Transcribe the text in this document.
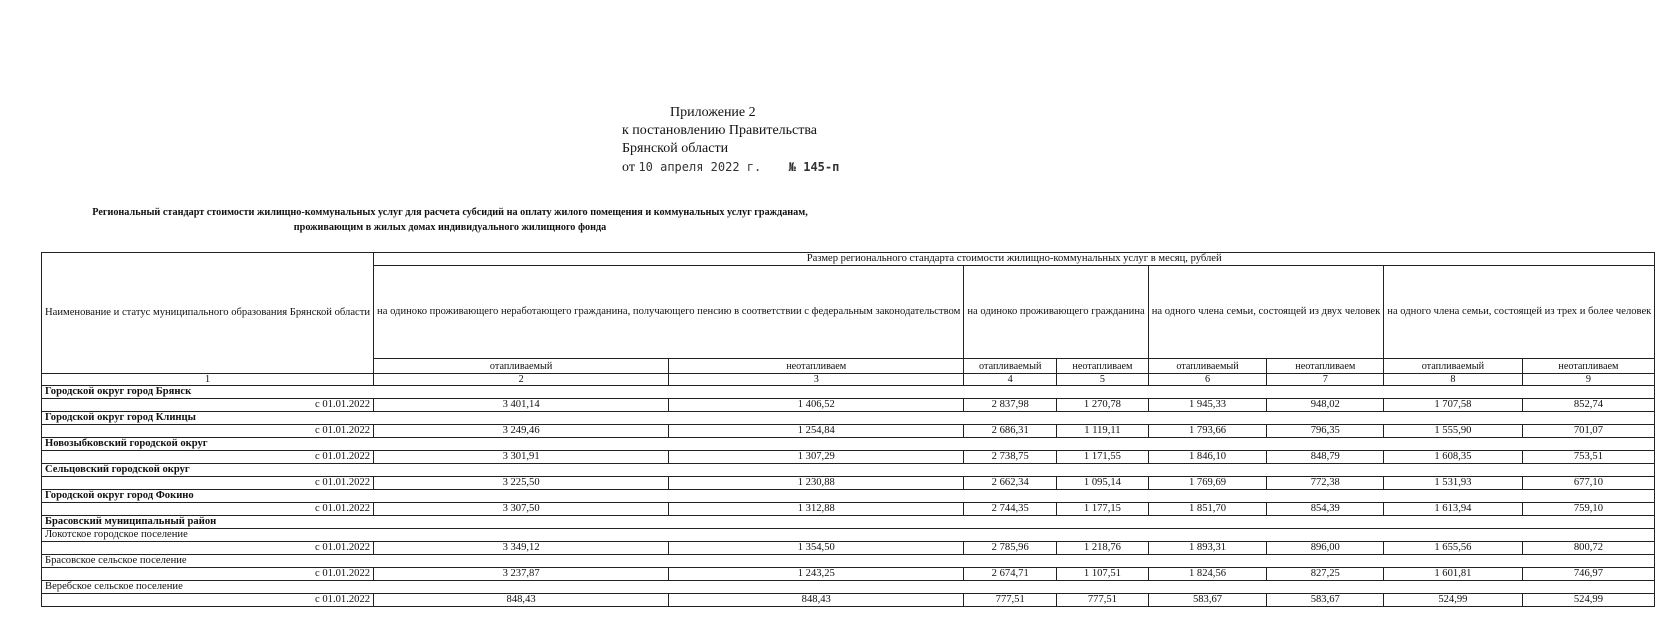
Приложение 2
к постановлению Правительства
Брянской области
от 10 апреля 2022 г. № 145-п
Региональный стандарт стоимости жилищно-коммунальных услуг для расчета субсидий на оплату жилого помещения и коммунальных услуг гражданам,
проживающим в жилых домах индивидуального жилищного фонда
Наименование и статус муниципального образования Брянской области	Размер регионального стандарта стоимости жилищно-коммунальных услуг в месяц, рублей							
	на одиноко проживающего неработающего гражданина, получающего пенсию в соответствии с федеральным законодательством		на одиноко проживающего гражданина		на одного члена семьи, состоящей из двух человек		на одного члена семьи, состоящей из трех и более человек	
	отапливаемый	неотапливаем	отапливаемый	неотапливаем	отапливаемый	неотапливаем	отапливаемый	неотапливаем
1	2	3	4	5	6	7	8	9
Городской округ город Брянск								
с 01.01.2022	3 401,14	1 406,52	2 837,98	1 270,78	1 945,33	948,02	1 707,58	852,74
Городской округ город Клинцы								
с 01.01.2022	3 249,46	1 254,84	2 686,31	1 119,11	1 793,66	796,35	1 555,90	701,07
Новозыбковский городской округ								
с 01.01.2022	3 301,91	1 307,29	2 738,75	1 171,55	1 846,10	848,79	1 608,35	753,51
Сельцовский городской округ								
с 01.01.2022	3 225,50	1 230,88	2 662,34	1 095,14	1 769,69	772,38	1 531,93	677,10
Городской округ город Фокино								
с 01.01.2022	3 307,50	1 312,88	2 744,35	1 177,15	1 851,70	854,39	1 613,94	759,10
Брасовский муниципальный район								
Локотское городское поселение								
с 01.01.2022	3 349,12	1 354,50	2 785,96	1 218,76	1 893,31	896,00	1 655,56	800,72
Брасовское сельское поселение								
с 01.01.2022	3 237,87	1 243,25	2 674,71	1 107,51	1 824,56	827,25	1 601,81	746,97
Веребское сельское поселение								
с 01.01.2022	848,43	848,43	777,51	777,51	583,67	583,67	524,99	524,99
